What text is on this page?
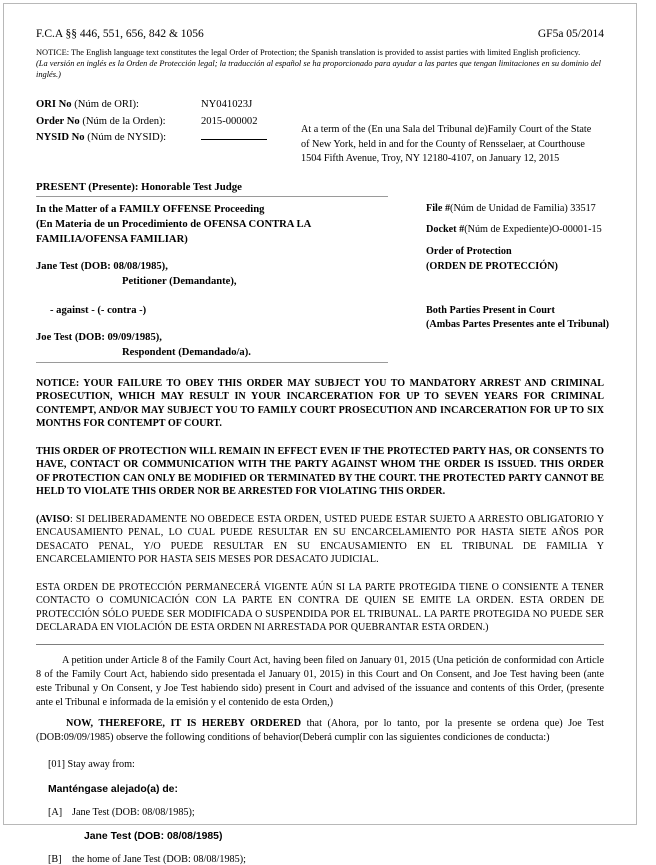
F.C.A §§ 446, 551, 656, 842 & 1056	GF5a 05/2014
NOTICE: The English language text constitutes the legal Order of Protection; the Spanish translation is provided to assist parties with limited English proficiency.
(La versión en inglés es la Orden de Protección legal; la traducción al español se ha proporcionado para ayudar a las partes que tengan limitaciones en su dominio del inglés.)
ORI No (Núm de ORI):	NY041023J
Order No (Núm de la Orden):	2015-000002
NYSID No (Núm de NYSID):
At a term of the (En una Sala del Tribunal de)Family Court of the State of New York, held in and for the County of Rensselaer, at Courthouse 1504 Fifth Avenue, Troy, NY 12180-4107, on January 12, 2015
PRESENT (Presente): Honorable Test Judge
In the Matter of a FAMILY OFFENSE Proceeding
(En Materia de un Procedimiento de OFENSA CONTRA LA
FAMILIA/OFENSA FAMILIAR)
Jane Test (DOB: 08/08/1985),
Petitioner (Demandante),
- against - (- contra -)
Joe Test (DOB: 09/09/1985),
Respondent (Demandado/a).
File #(Núm de Unidad de Familia) 33517
Docket #(Núm de Expediente)O-00001-15
Order of Protection
(ORDEN DE PROTECCIÓN)
Both Parties Present in Court
(Ambas Partes Presentes ante el Tribunal)
NOTICE: YOUR FAILURE TO OBEY THIS ORDER MAY SUBJECT YOU TO MANDATORY ARREST AND CRIMINAL PROSECUTION, WHICH MAY RESULT IN YOUR INCARCERATION FOR UP TO SEVEN YEARS FOR CRIMINAL CONTEMPT, AND/OR MAY SUBJECT YOU TO FAMILY COURT PROSECUTION AND INCARCERATION FOR UP TO SIX MONTHS FOR CONTEMPT OF COURT.
THIS ORDER OF PROTECTION WILL REMAIN IN EFFECT EVEN IF THE PROTECTED PARTY HAS, OR CONSENTS TO HAVE, CONTACT OR COMMUNICATION WITH THE PARTY AGAINST WHOM THE ORDER IS ISSUED. THIS ORDER OF PROTECTION CAN ONLY BE MODIFIED OR TERMINATED BY THE COURT. THE PROTECTED PARTY CANNOT BE HELD TO VIOLATE THIS ORDER NOR BE ARRESTED FOR VIOLATING THIS ORDER.
(AVISO: SI DELIBERADAMENTE NO OBEDECE ESTA ORDEN, USTED PUEDE ESTAR SUJETO A ARRESTO OBLIGATORIO Y ENCAUSAMIENTO PENAL, LO CUAL PUEDE RESULTAR EN SU ENCARCELAMIENTO POR HASTA SIETE AÑOS POR DESACATO PENAL, Y/O PUEDE RESULTAR EN SU ENCAUSAMIENTO EN EL TRIBUNAL DE FAMILIA Y ENCARCELAMIENTO POR HASTA SEIS MESES POR DESACATO JUDICIAL.
ESTA ORDEN DE PROTECCIÓN PERMANECERÁ VIGENTE AÚN SI LA PARTE PROTEGIDA TIENE O CONSIENTE A TENER CONTACTO O COMUNICACIÓN CON LA PARTE EN CONTRA DE QUIEN SE EMITE LA ORDEN. ESTA ORDEN DE PROTECCIÓN SÓLO PUEDE SER MODIFICADA O SUSPENDIDA POR EL TRIBUNAL. LA PARTE PROTEGIDA NO PUEDE SER DECLARADA EN VIOLACIÓN DE ESTA ORDEN NI ARRESTADA POR QUEBRANTAR ESTA ORDEN.)
A petition under Article 8 of the Family Court Act, having been filed on January 01, 2015 (Una petición de conformidad con Article 8 of the Family Court Act, habiendo sido presentada el January 01, 2015) in this Court and On Consent, and Joe Test having been (ante este Tribunal y On Consent, y Joe Test habiendo sido) present in Court and advised of the issuance and contents of this Order, (presente ante el Tribunal e informada de la emisión y el contenido de esta Orden,)
NOW, THEREFORE, IT IS HEREBY ORDERED that (Ahora, por lo tanto, por la presente se ordena que) Joe Test (DOB:09/09/1985) observe the following conditions of behavior(Deberá cumplir con las siguientes condiciones de conducta:)
[01] Stay away from:
Manténgase alejado(a) de:
[A] Jane Test (DOB: 08/08/1985);
Jane Test (DOB: 08/08/1985)
[B] the home of Jane Test (DOB: 08/08/1985);
